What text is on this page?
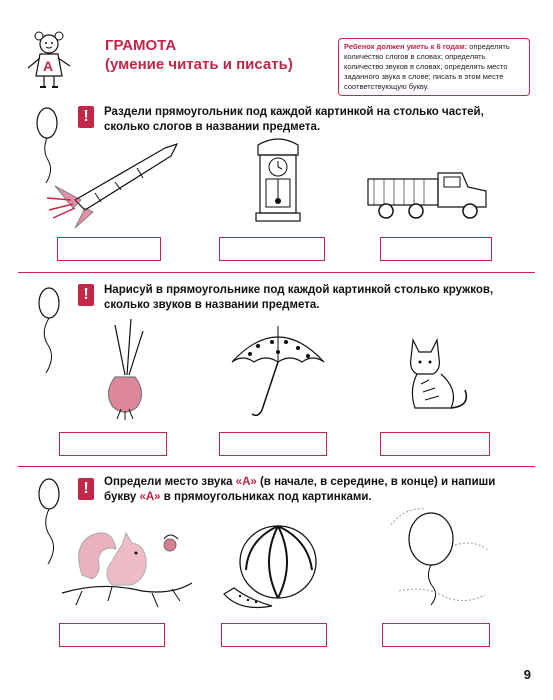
A
ГРАМОТА
(умение читать и писать)
Ребенок должен уметь к 6 годам: определять количество слогов в словах; определять количество звуков в словах; определять место заданного звука в слове; писать в этом месте соответствующую букву.
!	Раздели прямоугольник под каждой картинкой на столько частей, сколько слогов в названии предмета.
!	Нарисуй в прямоугольнике под каждой картинкой столько кружков, сколько звуков в названии предмета.
!	Определи место звука «А» (в начале, в середине, в конце) и напиши букву «А» в прямоугольниках под картинками.
9
